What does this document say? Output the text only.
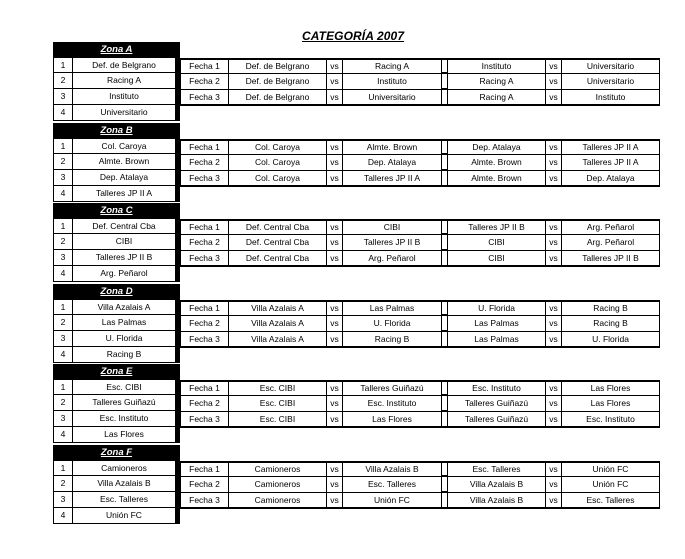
CATEGORÍA 2007
Zona A
1	Def. de Belgrano
2	Racing A
3	Instituto
4	Universitario
Fecha 1	Def. de Belgrano	vs	Racing A	Instituto	vs	Universitario
Fecha 2	Def. de Belgrano	vs	Instituto	Racing A	vs	Universitario
Fecha 3	Def. de Belgrano	vs	Universitario	Racing A	vs	Instituto
Zona B
1	Col. Caroya
2	Almte. Brown
3	Dep. Atalaya
4	Talleres JP II A
Fecha 1	Col. Caroya	vs	Almte. Brown	Dep. Atalaya	vs	Talleres JP II A
Fecha 2	Col. Caroya	vs	Dep. Atalaya	Almte. Brown	vs	Talleres JP II A
Fecha 3	Col. Caroya	vs	Talleres JP II A	Almte. Brown	vs	Dep. Atalaya
Zona C
1	Def. Central Cba
2	CIBI
3	Talleres JP II B
4	Arg. Peñarol
Fecha 1	Def. Central Cba	vs	CIBI	Talleres JP II B	vs	Arg. Peñarol
Fecha 2	Def. Central Cba	vs	Talleres JP II B	CIBI	vs	Arg. Peñarol
Fecha 3	Def. Central Cba	vs	Arg. Peñarol	CIBI	vs	Talleres JP II B
Zona D
1	Villa Azalais A
2	Las Palmas
3	U. Florida
4	Racing B
Fecha 1	Villa Azalais A	vs	Las Palmas	U. Florida	vs	Racing B
Fecha 2	Villa Azalais A	vs	U. Florida	Las Palmas	vs	Racing B
Fecha 3	Villa Azalais A	vs	Racing B	Las Palmas	vs	U. Florida
Zona E
1	Esc. CIBI
2	Talleres Guiñazú
3	Esc. Instituto
4	Las Flores
Fecha 1	Esc. CIBI	vs	Talleres Guiñazú	Esc. Instituto	vs	Las Flores
Fecha 2	Esc. CIBI	vs	Esc. Instituto	Talleres Guiñazú	vs	Las Flores
Fecha 3	Esc. CIBI	vs	Las Flores	Talleres Guiñazú	vs	Esc. Instituto
Zona F
1	Camioneros
2	Villa Azalais B
3	Esc. Talleres
4	Unión FC
Fecha 1	Camioneros	vs	Villa Azalais B	Esc. Talleres	vs	Unión FC
Fecha 2	Camioneros	vs	Esc. Talleres	Villa Azalais B	vs	Unión FC
Fecha 3	Camioneros	vs	Unión FC	Villa Azalais B	vs	Esc. Talleres
